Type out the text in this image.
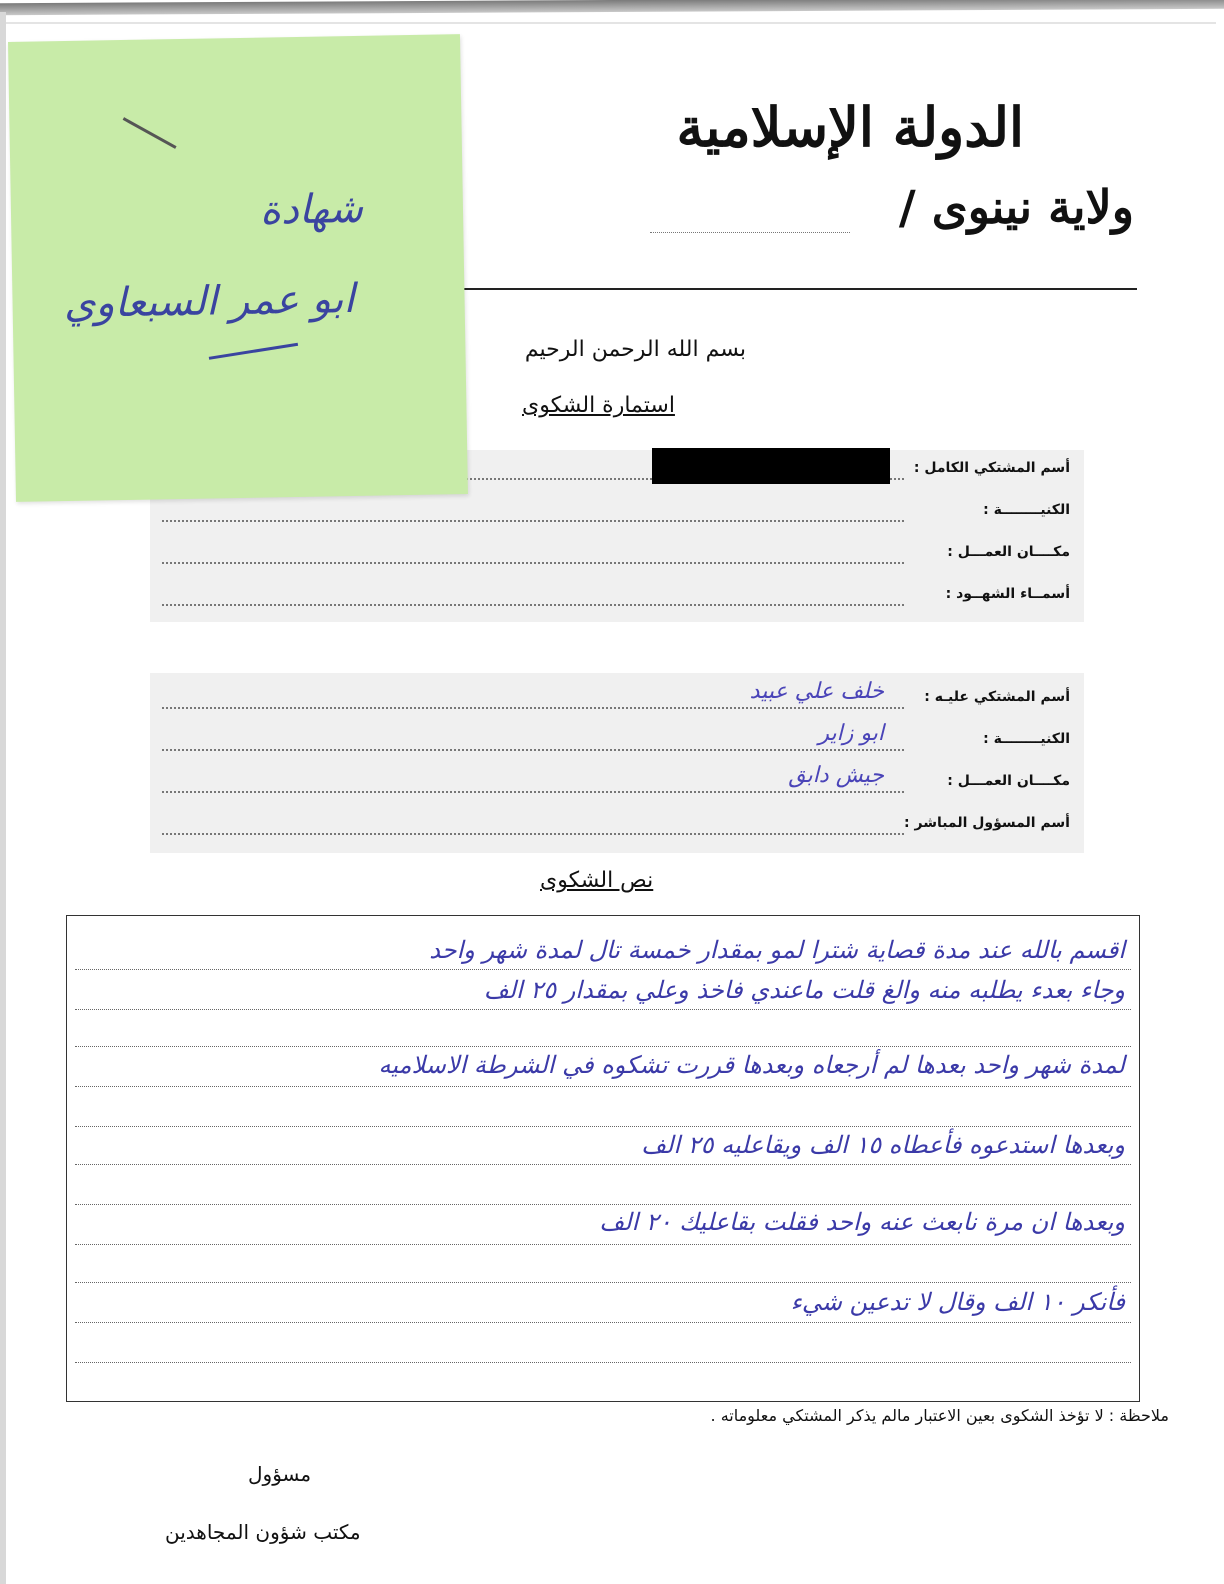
الدولة الإسلامية
ولاية نينوى /
بسم الله الرحمن الرحيم
استمارة الشكوى
أسم المشتكي الكامل :
الكنيــــــــة :
مكــــان العمـــل :
أسمــاء الشهــود :
أسم المشتكي عليـه :
خلف علي عبيد
الكنيــــــــة :
ابو زاير
مكــــان العمـــل :
جيش دابق
أسم المسؤول المباشر :
نص الشكوى
اقسم بالله عند مدة قصاية شترا لمو بمقدار خمسة تال لمدة شهر واحد
وجاء بعدء يطلبه منه والغ قلت ماعندي فاخذ وعلي بمقدار ٢٥ الف
لمدة شهر واحد بعدها لم أرجعاه وبعدها قررت تشكوه في الشرطة الاسلاميه
وبعدها استدعوه فأعطاه ١٥ الف ويقاعليه ٢٥ الف
وبعدها ان مرة نابعث عنه واحد فقلت بقاعليك ٢٠ الف
فأنكر ١٠ الف وقال لا تدعين شيء
ملاحظة : لا تؤخذ الشكوى بعين الاعتبار مالم يذكر المشتكي معلوماته .
مسؤول
مكتب شؤون المجاهدين
شهادة
ابو عمر السبعاوي
